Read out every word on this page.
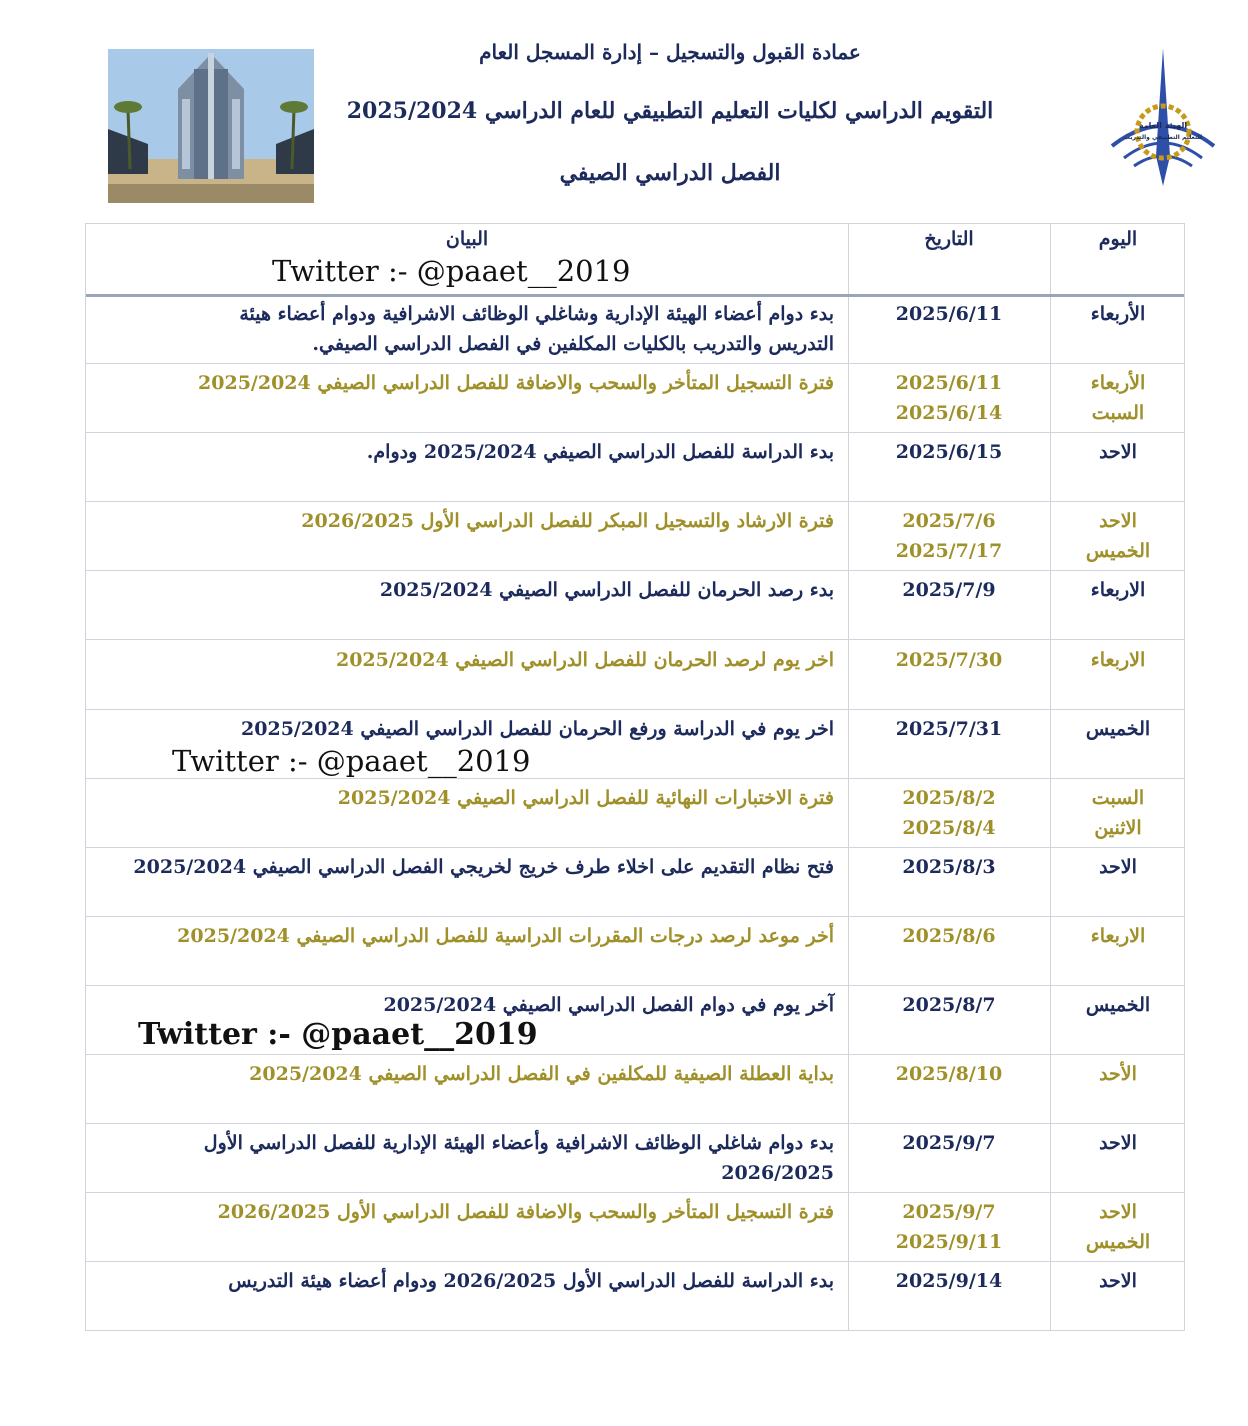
عمادة القبول والتسجيل – إدارة المسجل العام
التقويم الدراسي لكليات التعليم التطبيقي للعام الدراسي 2025/2024
الفصل الدراسي الصيفي
الهيئة العامة
للتعليم التطبيقي والتدريب
اليوم
التاريخ
البيان
الأربعاء
2025/6/11
بدء دوام أعضاء الهيئة الإدارية وشاغلي الوظائف الاشرافية ودوام أعضاء هيئة
التدريس والتدريب بالكليات المكلفين في الفصل الدراسي الصيفي.
الأربعاء
السبت
2025/6/11
2025/6/14
فترة التسجيل المتأخر والسحب والاضافة للفصل الدراسي الصيفي 2025/2024
الاحد
2025/6/15
بدء الدراسة للفصل الدراسي الصيفي 2025/2024 ودوام.
الاحد
الخميس
2025/7/6
2025/7/17
فترة الارشاد والتسجيل المبكر للفصل الدراسي الأول 2026/2025
الاربعاء
2025/7/9
بدء رصد الحرمان للفصل الدراسي الصيفي 2025/2024
الاربعاء
2025/7/30
اخر يوم لرصد الحرمان للفصل الدراسي الصيفي 2025/2024
الخميس
2025/7/31
اخر يوم في الدراسة ورفع الحرمان للفصل الدراسي الصيفي 2025/2024
السبت
الاثنين
2025/8/2
2025/8/4
فترة الاختبارات النهائية للفصل الدراسي الصيفي 2025/2024
الاحد
2025/8/3
فتح نظام التقديم على اخلاء طرف خريج لخريجي الفصل الدراسي الصيفي 2025/2024
الاربعاء
2025/8/6
أخر موعد لرصد درجات المقررات الدراسية للفصل الدراسي الصيفي 2025/2024
الخميس
2025/8/7
آخر يوم في دوام الفصل الدراسي الصيفي 2025/2024
الأحد
2025/8/10
بداية العطلة الصيفية للمكلفين في الفصل الدراسي الصيفي 2025/2024
الاحد
2025/9/7
بدء دوام شاغلي الوظائف الاشرافية وأعضاء الهيئة الإدارية للفصل الدراسي الأول
2026/2025
الاحد
الخميس
2025/9/7
2025/9/11
فترة التسجيل المتأخر والسحب والاضافة للفصل الدراسي الأول 2026/2025
الاحد
2025/9/14
بدء الدراسة للفصل الدراسي الأول 2026/2025 ودوام أعضاء هيئة التدريس
Twitter :- @paaet__2019
Twitter :- @paaet__2019
Twitter :- @paaet__2019
